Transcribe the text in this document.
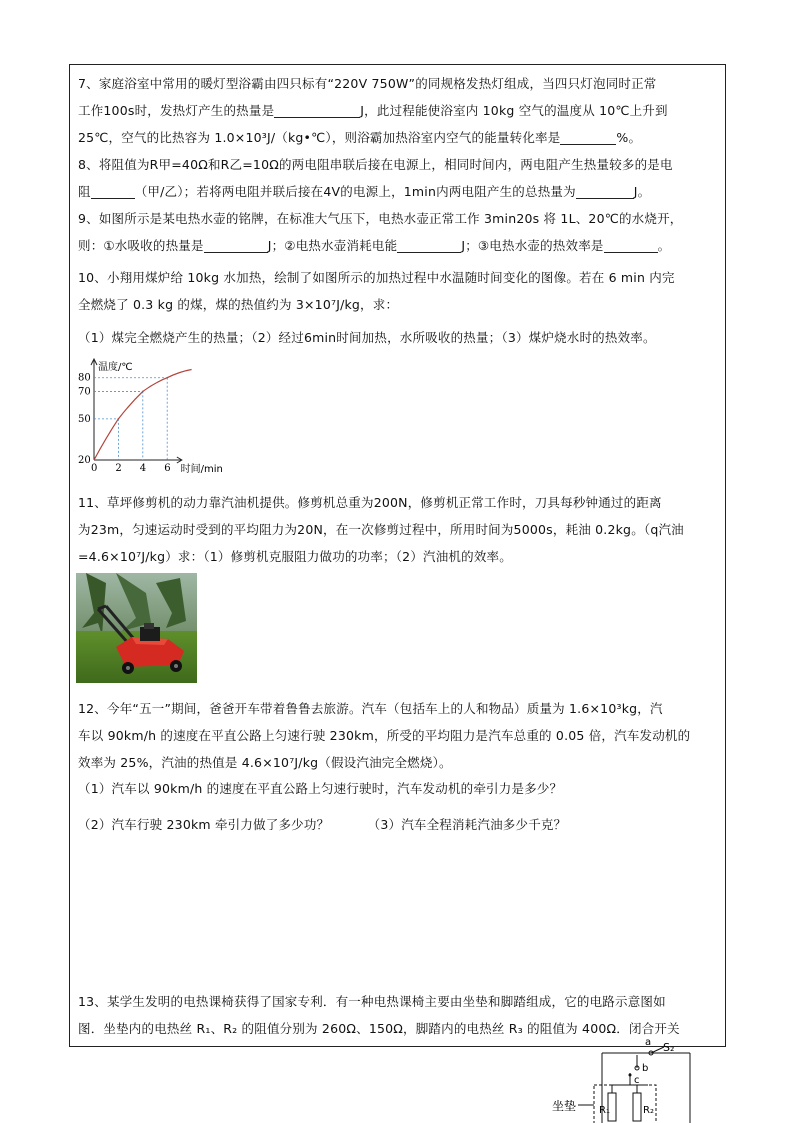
7、家庭浴室中常用的暖灯型浴霸由四只标有“220V 750W”的同规格发热灯组成，当四只灯泡同时正常
工作100s时，发热灯产生的热量是	J，此过程能使浴室内 10kg 空气的温度从 10℃上升到
25℃，空气的比热容为 1.0×10³J/（kg•℃），则浴霸加热浴室内空气的能量转化率是	%。
8、将阻值为R甲=40Ω和R乙=10Ω的两电阻串联后接在电源上，相同时间内，两电阻产生热量较多的是电
阻	（甲/乙）；若将两电阻并联后接在4V的电源上，1min内两电阻产生的总热量为	J。
9、如图所示是某电热水壶的铭牌，在标准大气压下，电热水壶正常工作 3min20s 将 1L、20℃的水烧开，
则：①水吸收的热量是	J；②电热水壶消耗电能	J；③电热水壶的热效率是	。
10、小翔用煤炉给 10kg 水加热，绘制了如图所示的加热过程中水温随时间变化的图像。若在 6 min 内完
全燃烧了 0.3 kg 的煤，煤的热值约为 3×10⁷J/kg，求：
（1）煤完全燃烧产生的热量；（2）经过6min时间加热，水所吸收的热量；（3）煤炉烧水时的热效率。
温度/℃
时间/min
20
50
70
80
0 2 4 6
11、草坪修剪机的动力靠汽油机提供。修剪机总重为200N，修剪机正常工作时，刀具每秒钟通过的距离
为23m，匀速运动时受到的平均阻力为20N，在一次修剪过程中，所用时间为5000s，耗油 0.2kg。（q汽油
=4.6×10⁷J/kg）求：（1）修剪机克服阻力做功的功率；（2）汽油机的效率。
12、今年“五一”期间，爸爸开车带着鲁鲁去旅游。汽车（包括车上的人和物品）质量为 1.6×10³kg，汽
车以 90km/h 的速度在平直公路上匀速行驶 230km，所受的平均阻力是汽车总重的 0.05 倍，汽车发动机的
效率为 25%，汽油的热值是 4.6×10⁷J/kg（假设汽油完全燃烧）。
（1）汽车以 90km/h 的速度在平直公路上匀速行驶时，汽车发动机的牵引力是多少？
（2）汽车行驶 230km 牵引力做了多少功？	（3）汽车全程消耗汽油多少千克？
13、某学生发明的电热课椅获得了国家专利．有一种电热课椅主要由坐垫和脚踏组成，它的电路示意图如
图．坐垫内的电热丝 R₁、R₂ 的阻值分别为 260Ω、150Ω，脚踏内的电热丝 R₃ 的阻值为 400Ω．闭合开关
坐垫
a S₂
b
c
R₁	R₂
